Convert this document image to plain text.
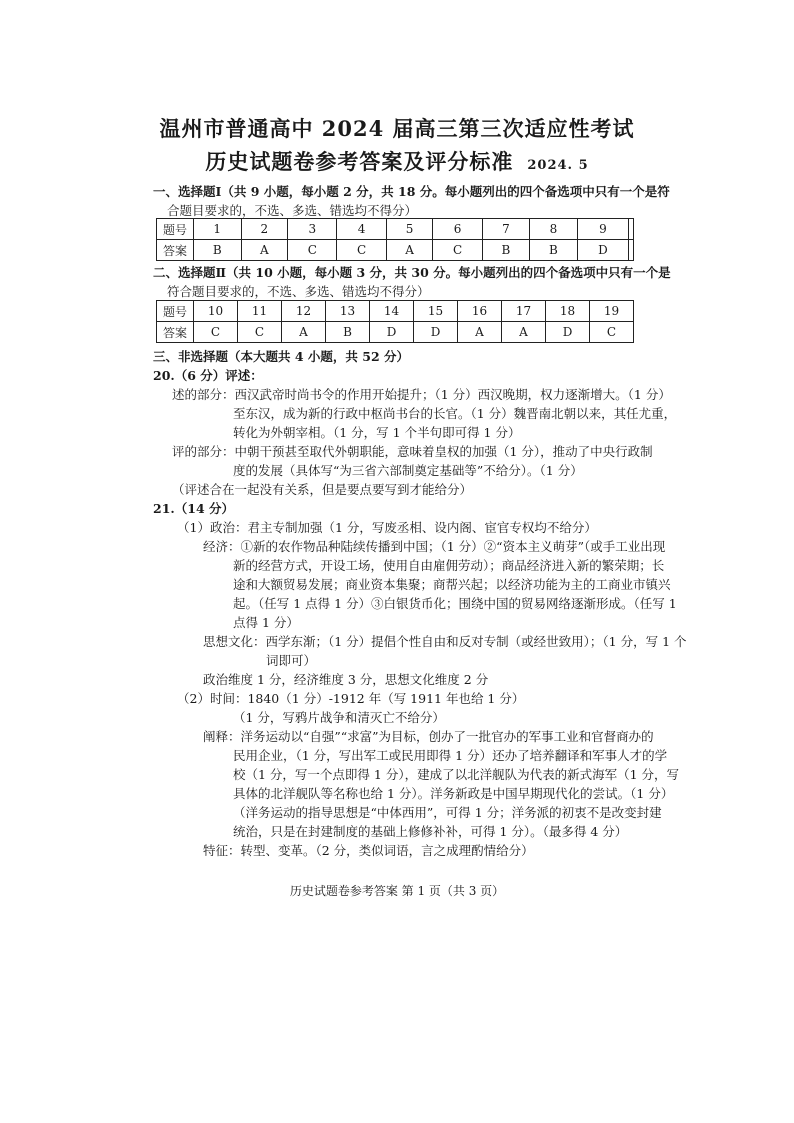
温州市普通高中 2024 届高三第三次适应性考试
历史试题卷参考答案及评分标准 2024. 5
一、选择题Ⅰ（共 9 小题，每小题 2 分，共 18 分。每小题列出的四个备选项中只有一个是符
合题目要求的，不选、多选、错选均不得分）
题号	1	2	3	4	5	6	7	8	9	
答案	B	A	C	C	A	C	B	B	D	
二、选择题Ⅱ（共 10 小题，每小题 3 分，共 30 分。每小题列出的四个备选项中只有一个是
符合题目要求的，不选、多选、错选均不得分）
题号	10	11	12	13	14	15	16	17	18	19
答案	C	C	A	B	D	D	A	A	D	C
三、非选择题（本大题共 4 小题，共 52 分）
20.（6 分）评述：
述的部分：西汉武帝时尚书令的作用开始提升；（1 分）西汉晚期，权力逐渐增大。（1 分）
至东汉，成为新的行政中枢尚书台的长官。（1 分）魏晋南北朝以来，其任尤重，
转化为外朝宰相。（1 分，写 1 个半句即可得 1 分）
评的部分：中朝干预甚至取代外朝职能，意味着皇权的加强（1 分），推动了中央行政制
度的发展（具体写“为三省六部制奠定基础等”不给分）。（1 分）
（评述合在一起没有关系，但是要点要写到才能给分）
21.（14 分）
（1）政治：君主专制加强（1 分，写废丞相、设内阁、宦官专权均不给分）
经济：①新的农作物品种陆续传播到中国；（1 分）②“资本主义萌芽”（或手工业出现
新的经营方式，开设工场，使用自由雇佣劳动）；商品经济进入新的繁荣期；长
途和大额贸易发展；商业资本集聚；商帮兴起；以经济功能为主的工商业市镇兴
起。（任写 1 点得 1 分）③白银货币化；围绕中国的贸易网络逐渐形成。（任写 1
点得 1 分）
思想文化：西学东渐；（1 分）提倡个性自由和反对专制（或经世致用）；（1 分，写 1 个
词即可）
政治维度 1 分，经济维度 3 分，思想文化维度 2 分
（2）时间：1840（1 分）-1912 年（写 1911 年也给 1 分）
（1 分，写鸦片战争和清灭亡不给分）
阐释：洋务运动以“自强”“求富”为目标，创办了一批官办的军事工业和官督商办的
民用企业，（1 分，写出军工或民用即得 1 分）还办了培养翻译和军事人才的学
校（1 分，写一个点即得 1 分），建成了以北洋舰队为代表的新式海军（1 分，写
具体的北洋舰队等名称也给 1 分）。洋务新政是中国早期现代化的尝试。（1 分）
（洋务运动的指导思想是“中体西用”，可得 1 分；洋务派的初衷不是改变封建
统治，只是在封建制度的基础上修修补补，可得 1 分）。（最多得 4 分）
特征：转型、变革。（2 分，类似词语，言之成理酌情给分）
历史试题卷参考答案 第 1 页（共 3 页）
